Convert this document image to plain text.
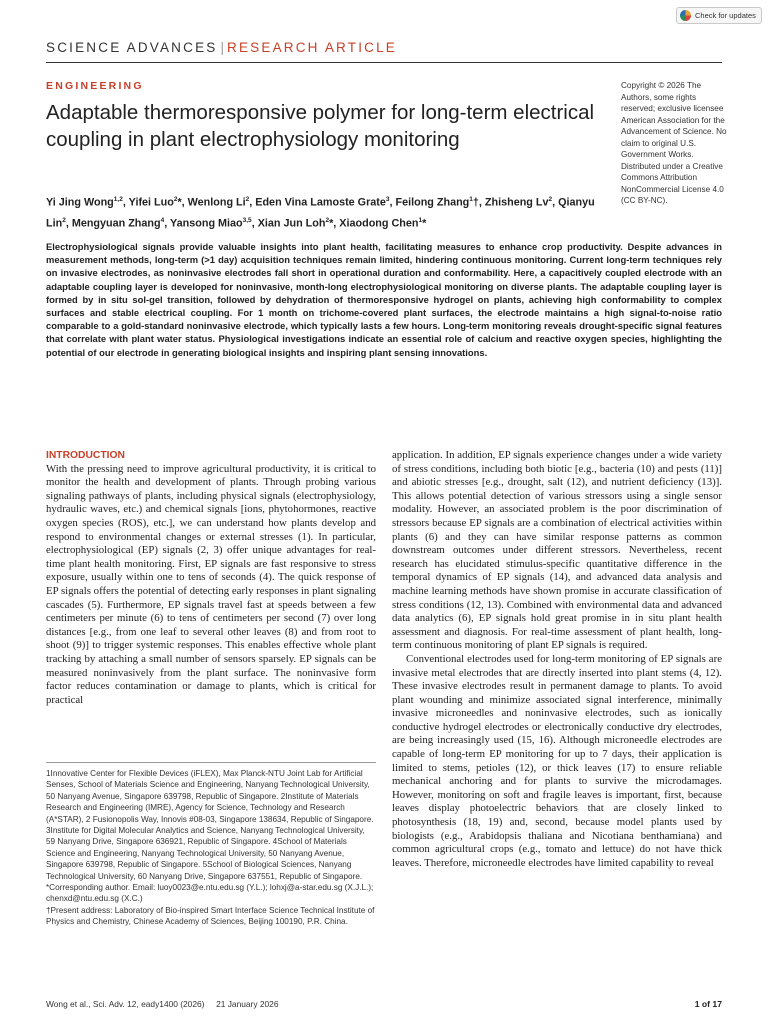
Check for updates
SCIENCE ADVANCES | RESEARCH ARTICLE
ENGINEERING
Adaptable thermoresponsive polymer for long-term electrical coupling in plant electrophysiology monitoring
Yi Jing Wong$^{1,2}$, Yifei Luo$^2$*, Wenlong Li$^2$, Eden Vina Lamoste Grate$^3$, Feilong Zhang$^1$†, Zhisheng Lv$^2$, Qianyu Lin$^2$, Mengyuan Zhang$^4$, Yansong Miao$^{3,5}$, Xian Jun Loh$^2$*, Xiaodong Chen$^1$*
Copyright © 2026 The Authors, some rights reserved; exclusive licensee American Association for the Advancement of Science. No claim to original U.S. Government Works. Distributed under a Creative Commons Attribution NonCommercial License 4.0 (CC BY-NC).
Electrophysiological signals provide valuable insights into plant health, facilitating measures to enhance crop productivity. Despite advances in measurement methods, long-term (>1 day) acquisition techniques remain limited, hindering continuous monitoring. Current long-term techniques rely on invasive electrodes, as noninvasive electrodes fall short in operational duration and conformability. Here, a capacitively coupled electrode with an adaptable coupling layer is developed for noninvasive, month-long electrophysiological monitoring on diverse plants. The adaptable coupling layer is formed by in situ sol-gel transition, followed by dehydration of thermoresponsive hydrogel on plants, achieving high conformability to complex surfaces and stable electrical coupling. For 1 month on trichome-covered plant surfaces, the electrode maintains a high signal-to-noise ratio comparable to a gold-standard noninvasive electrode, which typically lasts a few hours. Long-term monitoring reveals drought-specific signal features that correlate with plant water status. Physiological investigations indicate an essential role of calcium and reactive oxygen species, highlighting the potential of our electrode in generating biological insights and inspiring plant sensing innovations.
INTRODUCTION

With the pressing need to improve agricultural productivity, it is critical to monitor the health and development of plants. Through probing various signaling pathways of plants, including physical signals (electrophysiology, hydraulic waves, etc.) and chemical signals [ions, phytohormones, reactive oxygen species (ROS), etc.], we can understand how plants develop and respond to environmental changes or external stresses (1). In particular, electrophysiological (EP) signals (2, 3) offer unique advantages for real-time plant health monitoring. First, EP signals are fast responsive to stress exposure, usually within one to tens of seconds (4). The quick response of EP signals offers the potential of detecting early responses in plant signaling cascades (5). Furthermore, EP signals travel fast at speeds between a few centimeters per minute (6) to tens of centimeters per second (7) over long distances [e.g., from one leaf to several other leaves (8) and from root to shoot (9)] to trigger systemic responses. This enables effective whole plant tracking by attaching a small number of sensors sparsely. EP signals can be measured noninvasively from the plant surface. The noninvasive form factor reduces contamination or damage to plants, which is critical for practical

1Innovative Center for Flexible Devices (iFLEX), Max Planck-NTU Joint Lab for Artificial Senses, School of Materials Science and Engineering, Nanyang Technological University, 50 Nanyang Avenue, Singapore 639798, Republic of Singapore. 2Institute of Materials Research and Engineering (IMRE), Agency for Science, Technology and Research (A*STAR), 2 Fusionopolis Way, Innovis #08-03, Singapore 138634, Republic of Singapore. 3Institute for Digital Molecular Analytics and Science, Nanyang Technological University, 59 Nanyang Drive, Singapore 636921, Republic of Singapore. 4School of Materials Science and Engineering, Nanyang Technological University, 50 Nanyang Avenue, Singapore 639798, Republic of Singapore. 5School of Biological Sciences, Nanyang Technological University, 60 Nanyang Drive, Singapore 637551, Republic of Singapore.

*Corresponding author. Email: luoy0023@e.ntu.edu.sg (Y.L.); lohxj@a-star.edu.sg (X.J.L.); chenxd@ntu.edu.sg (X.C.)

†Present address: Laboratory of Bio-inspired Smart Interface Science Technical Institute of Physics and Chemistry, Chinese Academy of Sciences, Beijing 100190, P.R. China.

application. In addition, EP signals experience changes under a wide variety of stress conditions, including both biotic [e.g., bacteria (10) and pests (11)] and abiotic stresses [e.g., drought, salt (12), and nutrient deficiency (13)]. This allows potential detection of various stressors using a single sensor modality. However, an associated problem is the poor discrimination of stressors because EP signals are a combination of electrical activities within plants (6) and they can have similar response patterns as common downstream outcomes under different stressors. Nevertheless, recent research has elucidated stimulus-specific quantitative difference in the temporal dynamics of EP signals (14), and advanced data analysis and machine learning methods have shown promise in accurate classification of stress conditions (12, 13). Combined with environmental data and advanced data analytics (6), EP signals hold great promise in in situ plant health assessment and diagnosis. For real-time assessment of plant health, long-term continuous monitoring of plant EP signals is required.

Conventional electrodes used for long-term monitoring of EP signals are invasive metal electrodes that are directly inserted into plant stems (4, 12). These invasive electrodes result in permanent damage to plants. To avoid plant wounding and minimize associated signal interference, minimally invasive microneedles and noninvasive electrodes, such as ionically conductive hydrogel electrodes or electronically conductive dry electrodes, are being increasingly used (15, 16). Although microneedle electrodes are capable of long-term EP monitoring for up to 7 days, their application is limited to stems, petioles (12), or thick leaves (17) to ensure reliable mechanical anchoring and for plants to survive the microdamages. However, monitoring on soft and fragile leaves is important, first, because leaves display photoelectric behaviors that are closely linked to photosynthesis (18, 19) and, second, because model plants used by biologists (e.g., Arabidopsis thaliana and Nicotiana benthamiana) and common agricultural crops (e.g., tomato and lettuce) do not have thick leaves. Therefore, microneedle electrodes have limited capability to reveal

Wong et al., Sci. Adv. 12, eady1400 (2026)     21 January 2026	1 of 17
